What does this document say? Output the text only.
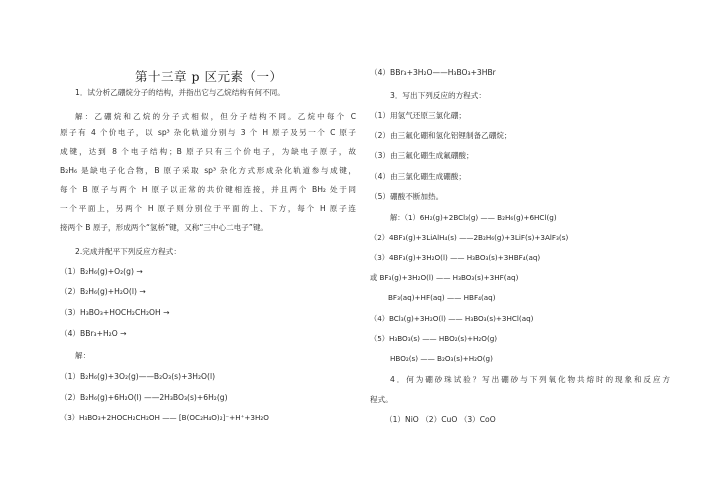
第十三章 p 区元素（一）
1．试分析乙硼烷分子的结构，并指出它与乙烷结构有何不同。
解：乙硼烷和乙烷的分子式相似，但分子结构不同。乙烷中每个 C
原子有 4 个价电子，以 sp³ 杂化轨道分别与 3 个 H 原子及另一个 C 原子
成键，达到 8 个电子结构；B 原子只有三个价电子，为缺电子原子，故
B₂H₆ 是缺电子化合物，B 原子采取 sp³ 杂化方式形成杂化轨道参与成键，
每个 B 原子与两个 H 原子以正常的共价键相连接，并且两个 BH₂ 处于同
一个平面上，另两个 H 原子则分别位于平面的上、下方，每个 H 原子连
接两个 B 原子，形成两个“氢桥”键，又称“三中心二电子”键。
2.完成并配平下列反应方程式：
（1）B₂H₆(g)+O₂(g) →
（2）B₂H₆(g)+H₂O(l) →
（3）H₃BO₃+HOCH₂CH₂OH →
（4）BBr₃+H₂O →
解：
（1）B₂H₆(g)+3O₂(g)——B₂O₃(s)+3H₂O(l)
（2）B₂H₆(g)+6H₂O(l) ——2H₃BO₃(s)+6H₂(g)
（3）H₃BO₃+2HOCH₂CH₂OH —— [B(OC₂H₄O)₂]⁻+H⁺+3H₂O
（4）BBr₃+3H₂O——H₃BO₃+3HBr
3．写出下列反应的方程式：
（1）用氢气还原三氯化硼；
（2）由三氟化硼和氢化铝锂制备乙硼烷；
（3）由三氟化硼生成氟硼酸；
（4）由三氯化硼生成硼酸；
（5）硼酸不断加热。
解：（1）6H₂(g)+2BCl₃(g) —— B₂H₆(g)+6HCl(g)
（2）4BF₃(g)+3LiAlH₄(s) ——2B₂H₆(g)+3LiF(s)+3AlF₃(s)
（3）4BF₃(g)+3H₂O(l) —— H₃BO₃(s)+3HBF₄(aq)
或 BF₃(g)+3H₂O(l) —— H₃BO₃(s)+3HF(aq)
BF₃(aq)+HF(aq) —— HBF₄(aq)
（4）BCl₃(g)+3H₂O(l) —— H₃BO₃(s)+3HCl(aq)
（5）H₃BO₃(s) —— HBO₂(s)+H₂O(g)
HBO₂(s) —— B₂O₃(s)+H₂O(g)
4．何为硼砂珠试验？写出硼砂与下列氧化物共熔时的现象和反应方
程式。
（1）NiO （2）CuO （3）CoO
